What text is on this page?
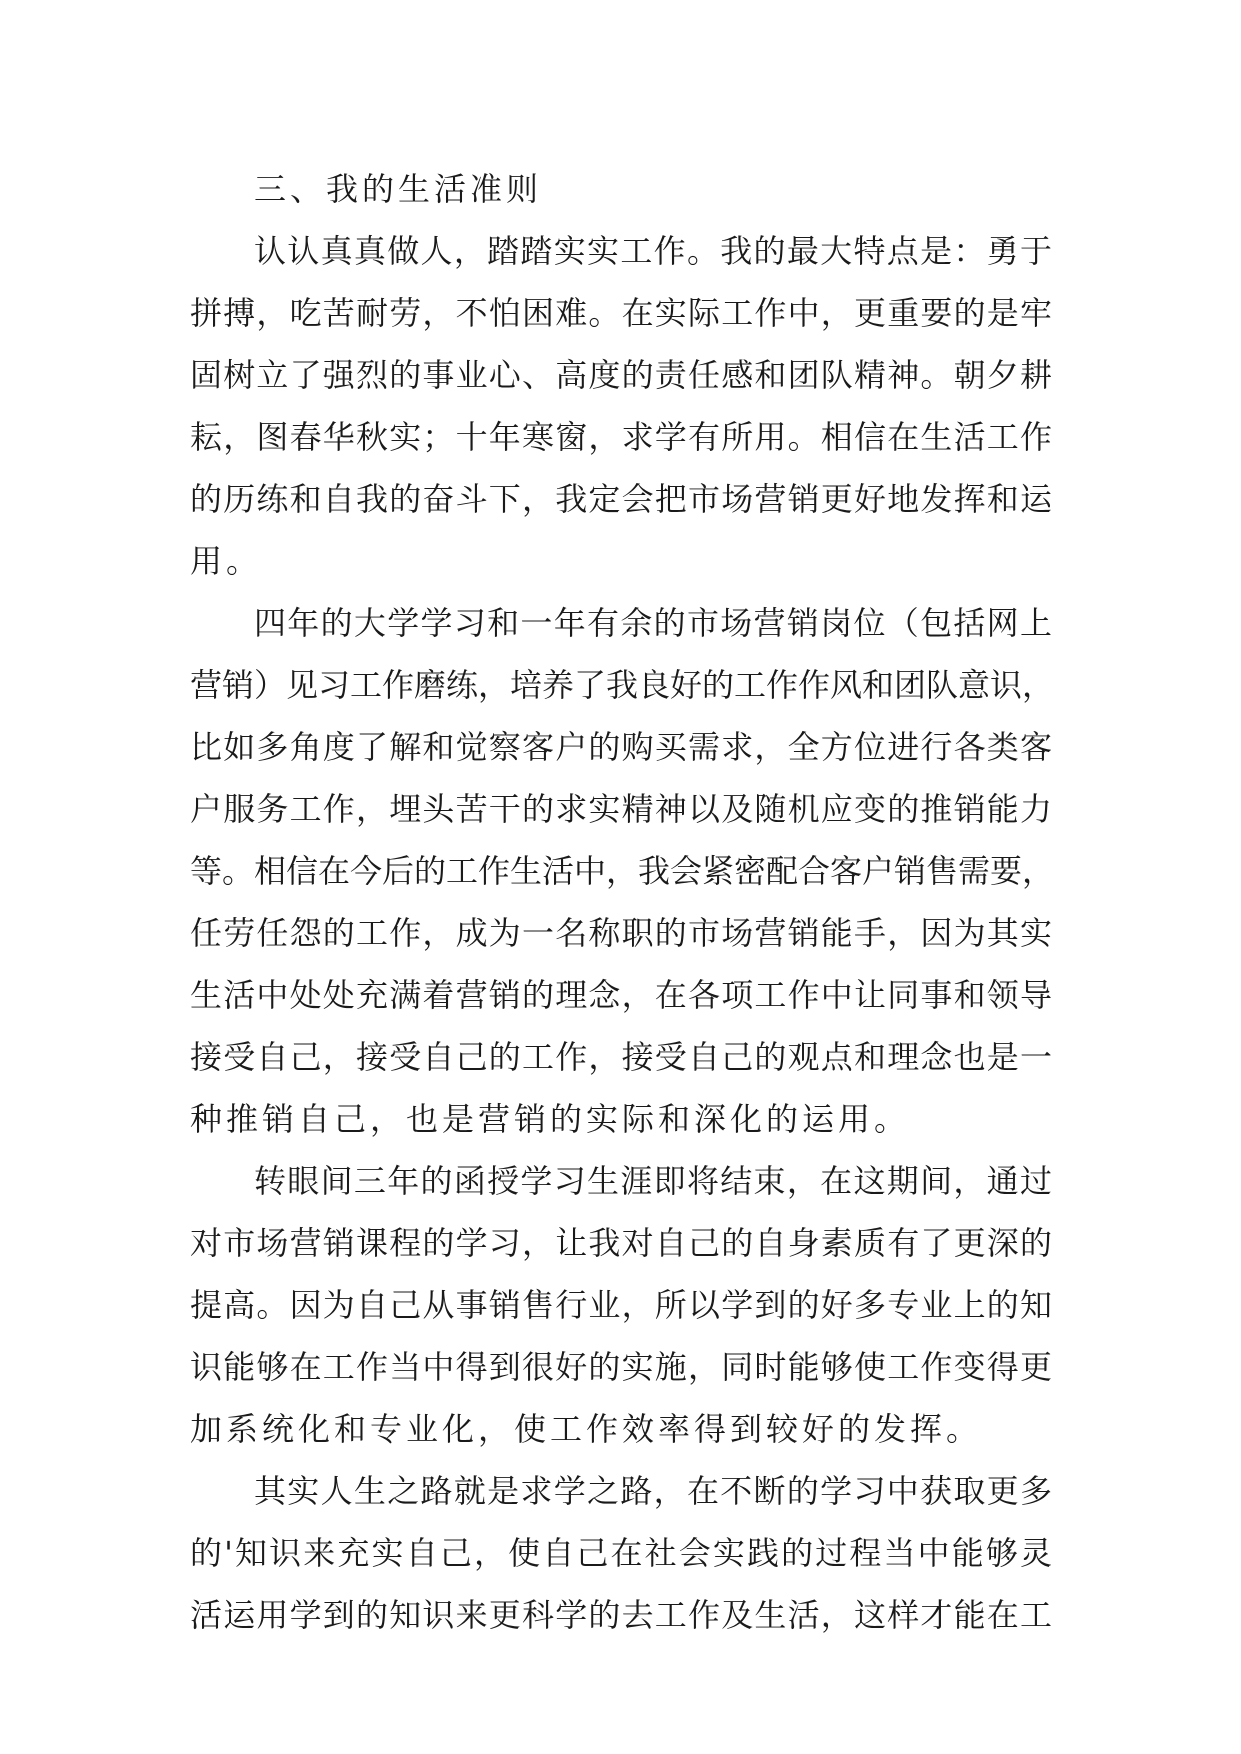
三、我的生活准则

认认真真做人，踏踏实实工作。我的最大特点是：勇于
拼搏，吃苦耐劳，不怕困难。在实际工作中，更重要的是牢
固树立了强烈的事业心、高度的责任感和团队精神。朝夕耕
耘，图春华秋实；十年寒窗，求学有所用。相信在生活工作
的历练和自我的奋斗下，我定会把市场营销更好地发挥和运
用。
四年的大学学习和一年有余的市场营销岗位（包括网上
营销）见习工作磨练，培养了我良好的工作作风和团队意识，
比如多角度了解和觉察客户的购买需求，全方位进行各类客
户服务工作，埋头苦干的求实精神以及随机应变的推销能力
等。相信在今后的工作生活中，我会紧密配合客户销售需要，
任劳任怨的工作，成为一名称职的市场营销能手，因为其实
生活中处处充满着营销的理念，在各项工作中让同事和领导
接受自己，接受自己的工作，接受自己的观点和理念也是一
种推销自己，也是营销的实际和深化的运用。
转眼间三年的函授学习生涯即将结束，在这期间，通过
对市场营销课程的学习，让我对自己的自身素质有了更深的
提高。因为自己从事销售行业，所以学到的好多专业上的知
识能够在工作当中得到很好的实施，同时能够使工作变得更
加系统化和专业化，使工作效率得到较好的发挥。
其实人生之路就是求学之路，在不断的学习中获取更多
的'知识来充实自己，使自己在社会实践的过程当中能够灵
活运用学到的知识来更科学的去工作及生活，这样才能在工
